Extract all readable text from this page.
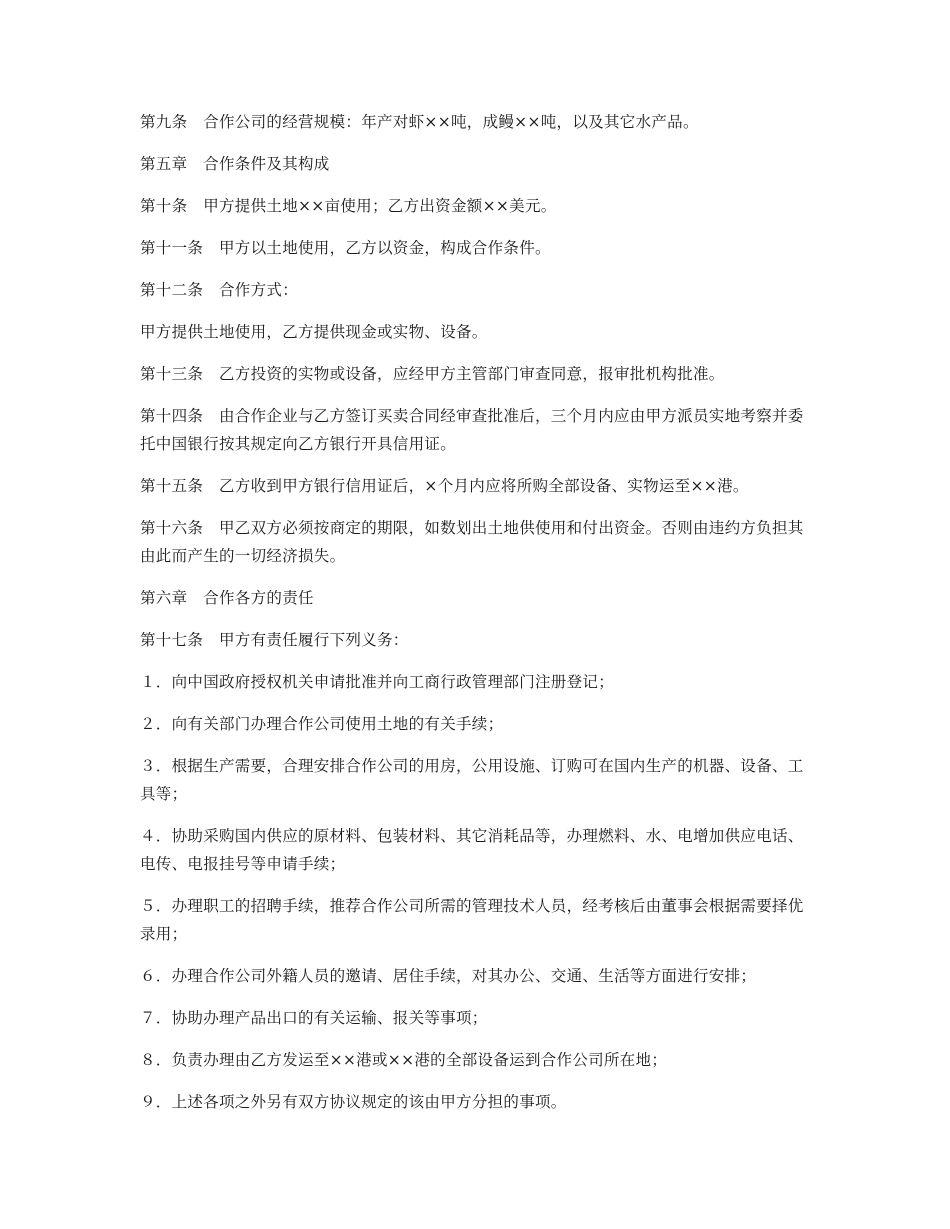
第九条　合作公司的经营规模：年产对虾××吨，成鳗××吨，以及其它水产品。

第五章　合作条件及其构成

第十条　甲方提供土地××亩使用；乙方出资金额××美元。

第十一条　甲方以土地使用，乙方以资金，构成合作条件。

第十二条　合作方式：

甲方提供土地使用，乙方提供现金或实物、设备。

第十三条　乙方投资的实物或设备，应经甲方主管部门审查同意，报审批机构批准。

第十四条　由合作企业与乙方签订买卖合同经审查批准后，三个月内应由甲方派员实地考察并委托中国银行按其规定向乙方银行开具信用证。

第十五条　乙方收到甲方银行信用证后，×个月内应将所购全部设备、实物运至××港。

第十六条　甲乙双方必须按商定的期限，如数划出土地供使用和付出资金。否则由违约方负担其由此而产生的一切经济损失。

第六章　合作各方的责任

第十七条　甲方有责任履行下列义务：

１．向中国政府授权机关申请批准并向工商行政管理部门注册登记；

２．向有关部门办理合作公司使用土地的有关手续；

３．根据生产需要，合理安排合作公司的用房，公用设施、订购可在国内生产的机器、设备、工具等；

４．协助采购国内供应的原材料、包装材料、其它消耗品等，办理燃料、水、电增加供应电话、电传、电报挂号等申请手续；

５．办理职工的招聘手续，推荐合作公司所需的管理技术人员，经考核后由董事会根据需要择优录用；

６．办理合作公司外籍人员的邀请、居住手续，对其办公、交通、生活等方面进行安排；

７．协助办理产品出口的有关运输、报关等事项；

８．负责办理由乙方发运至××港或××港的全部设备运到合作公司所在地；

９．上述各项之外另有双方协议规定的该由甲方分担的事项。
